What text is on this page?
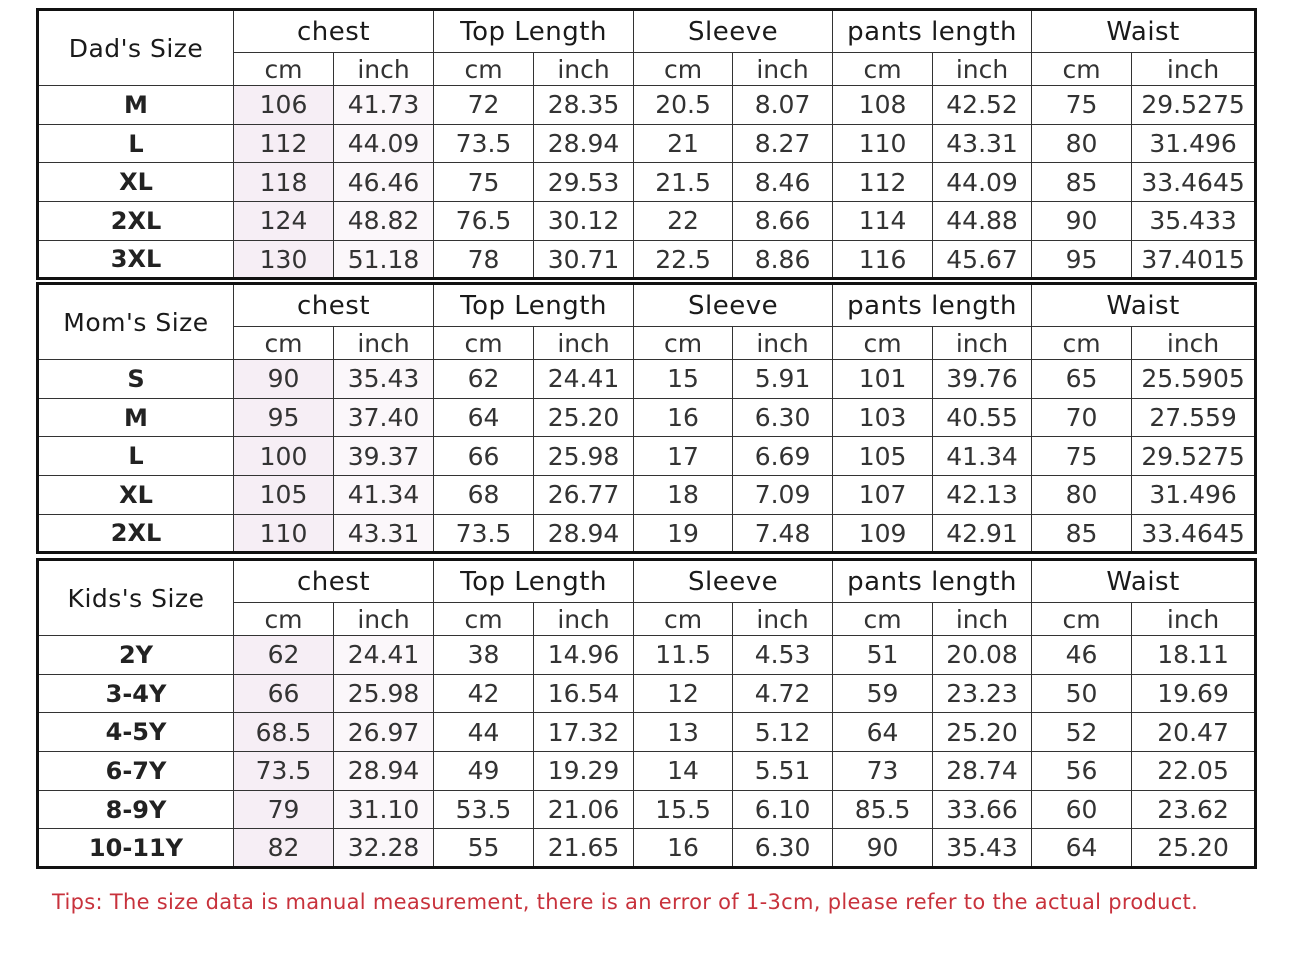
Dad's Size	chest		Top Length		Sleeve		pants length		Waist	
	cm	inch	cm	inch	cm	inch	cm	inch	cm	inch
M	106	41.73	72	28.35	20.5	8.07	108	42.52	75	29.5275
L	112	44.09	73.5	28.94	21	8.27	110	43.31	80	31.496
XL	118	46.46	75	29.53	21.5	8.46	112	44.09	85	33.4645
2XL	124	48.82	76.5	30.12	22	8.66	114	44.88	90	35.433
3XL	130	51.18	78	30.71	22.5	8.86	116	45.67	95	37.4015
Mom's Size	chest		Top Length		Sleeve		pants length		Waist	
	cm	inch	cm	inch	cm	inch	cm	inch	cm	inch
S	90	35.43	62	24.41	15	5.91	101	39.76	65	25.5905
M	95	37.40	64	25.20	16	6.30	103	40.55	70	27.559
L	100	39.37	66	25.98	17	6.69	105	41.34	75	29.5275
XL	105	41.34	68	26.77	18	7.09	107	42.13	80	31.496
2XL	110	43.31	73.5	28.94	19	7.48	109	42.91	85	33.4645
Kids's Size	chest		Top Length		Sleeve		pants length		Waist	
	cm	inch	cm	inch	cm	inch	cm	inch	cm	inch
2Y	62	24.41	38	14.96	11.5	4.53	51	20.08	46	18.11
3-4Y	66	25.98	42	16.54	12	4.72	59	23.23	50	19.69
4-5Y	68.5	26.97	44	17.32	13	5.12	64	25.20	52	20.47
6-7Y	73.5	28.94	49	19.29	14	5.51	73	28.74	56	22.05
8-9Y	79	31.10	53.5	21.06	15.5	6.10	85.5	33.66	60	23.62
10-11Y	82	32.28	55	21.65	16	6.30	90	35.43	64	25.20

Tips: The size data is manual measurement, there is an error of 1-3cm, please refer to the actual product.
